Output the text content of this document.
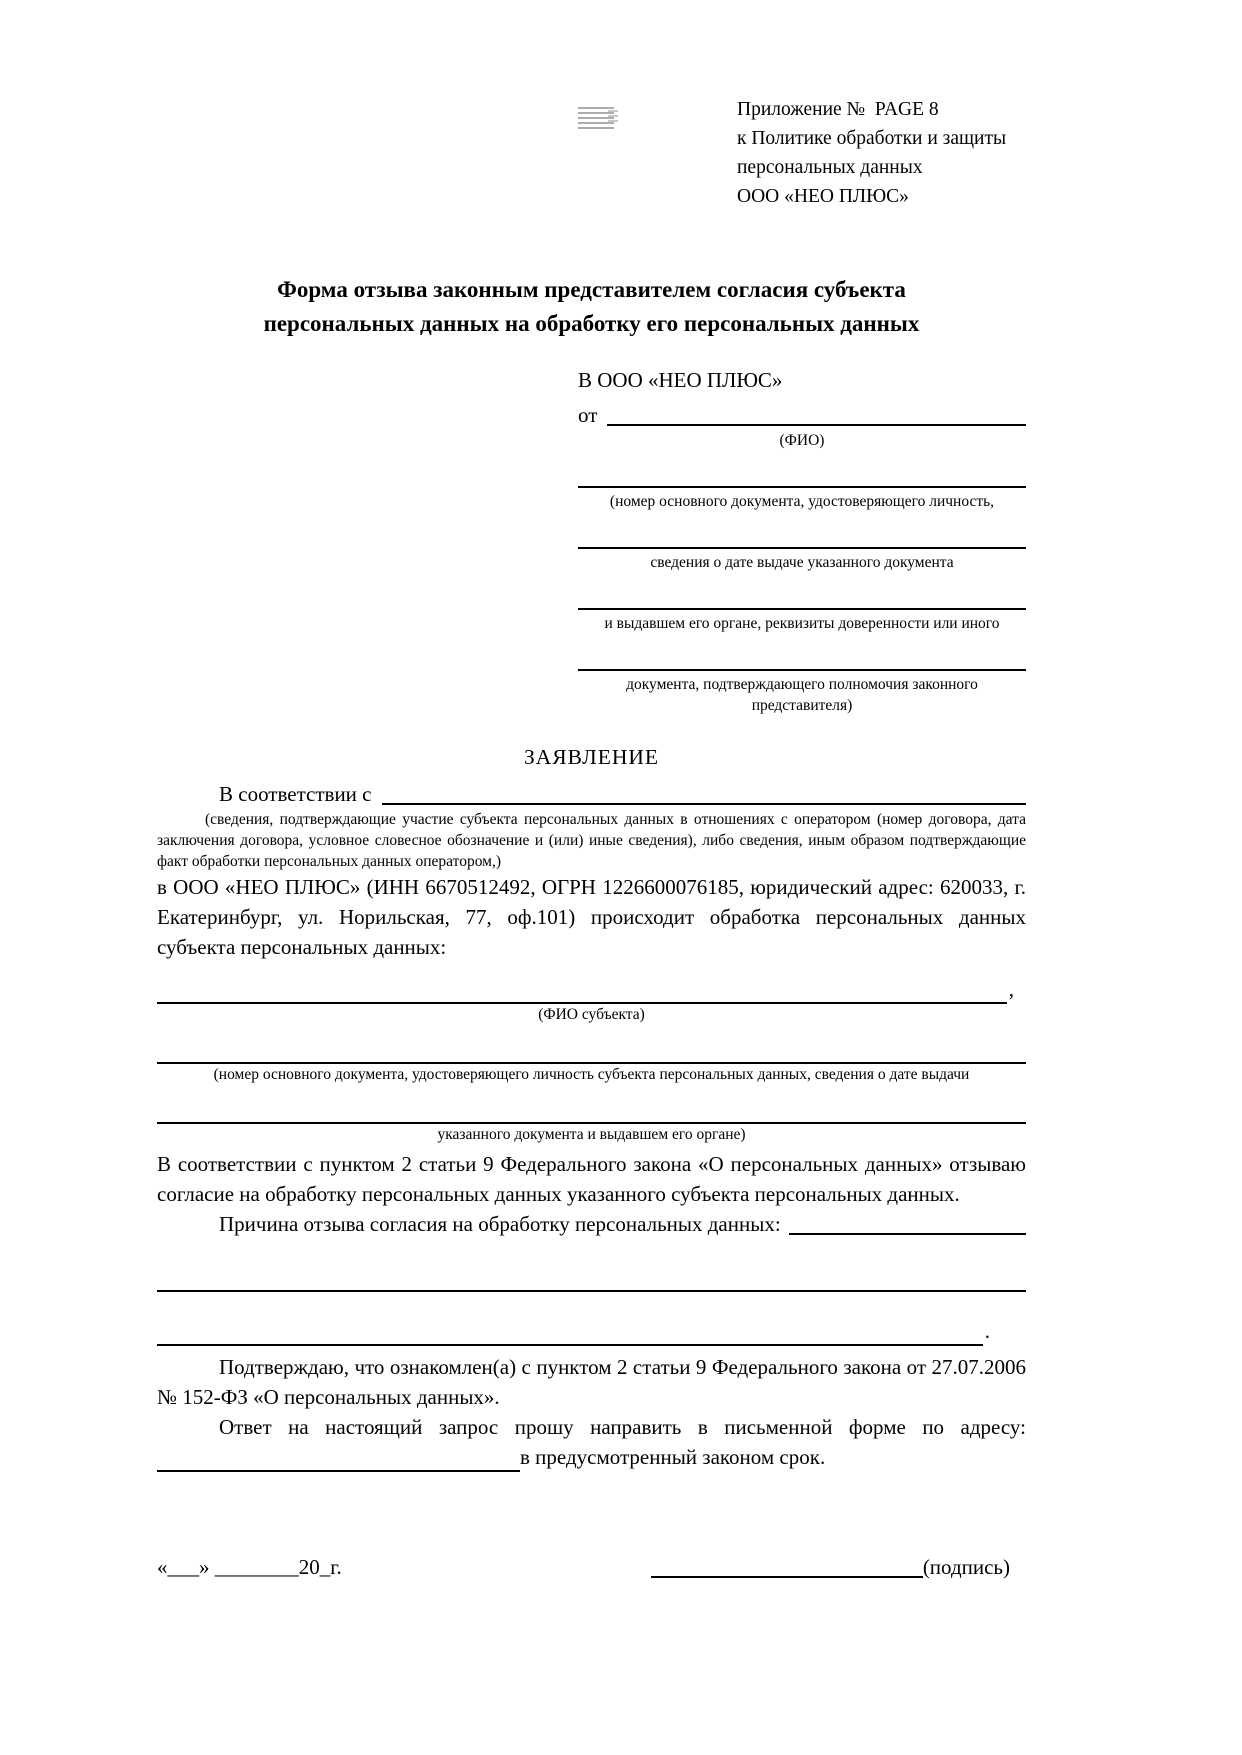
Приложение №  PAGE 8
к Политике обработки и защиты
персональных данных
ООО «НЕО ПЛЮС»
Форма отзыва законным представителем согласия субъекта
персональных данных на обработку его персональных данных
В ООО «НЕО ПЛЮС»
от
(ФИО)
(номер основного документа, удостоверяющего личность,
сведения о дате выдаче указанного документа
и выдавшем его органе, реквизиты доверенности или иного
документа, подтверждающего полномочия законного представителя)
ЗАЯВЛЕНИЕ
В соответствии с

(сведения, подтверждающие участие субъекта персональных данных в отношениях с оператором (номер договора, дата заключения договора, условное словесное обозначение и (или) иные сведения), либо сведения, иным образом подтверждающие факт обработки персональных данных оператором,)

в ООО «НЕО ПЛЮС» (ИНН 6670512492, ОГРН 1226600076185, юридический адрес: 620033, г. Екатеринбург, ул. Норильская, 77, оф.101) происходит обработка персональных данных субъекта персональных данных:

,
(ФИО субъекта)
(номер основного документа, удостоверяющего личность субъекта персональных данных, сведения о дате выдачи
указанного документа и выдавшем его органе)

В соответствии с пунктом 2 статьи 9 Федерального закона «О персональных данных» отзываю согласие на обработку персональных данных указанного субъекта персональных данных.

Причина отзыва согласия на обработку персональных данных:
.

Подтверждаю, что ознакомлен(а) с пунктом 2 статьи 9 Федерального закона от 27.07.2006 № 152-ФЗ «О персональных данных».

Ответ на настоящий запрос прошу направить в письменной форме по адресу:

в предусмотренный законом срок.
«___» ________20_г.	(подпись)
